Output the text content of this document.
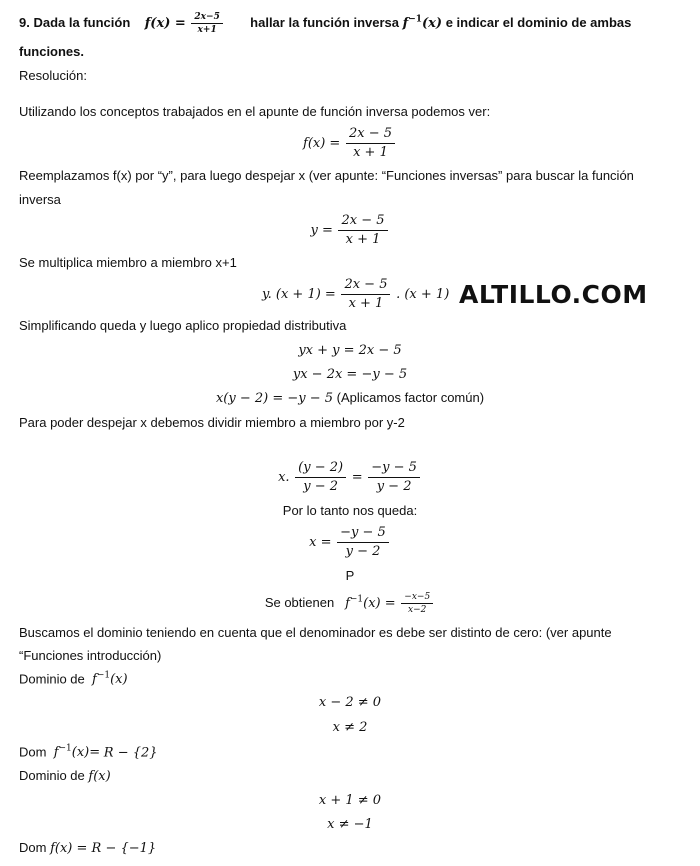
9. Dada la función $f(x) = \frac{2x-5}{x+1}$ hallar la función inversa $f^{-1}(x)$ e indicar el dominio de ambas
funciones.
Resolución:
Utilizando los conceptos trabajados en el apunte de función inversa podemos ver:
$f(x) = \frac{2x - 5}{x + 1}$
Reemplazamos f(x) por “y”, para luego despejar x (ver apunte: “Funciones inversas” para buscar la función
inversa
$y = \frac{2x - 5}{x + 1}$
Se multiplica miembro a miembro x+1
y. $(x + 1) = \frac{2x - 5}{x + 1}$ . (x + 1) ALTILLO.COM
Simplificando queda y luego aplico propiedad distributiva
yx + y = 2x − 5
yx − 2x = −y − 5
x(y − 2) = −y − 5 (Aplicamos factor común)
Para poder despejar x debemos dividir miembro a miembro por y-2
x. $\frac{(y - 2)}{y - 2} = \frac{-y - 5}{y - 2}$
Por lo tanto nos queda:
$x = \frac{-y - 5}{y - 2}$
P
Se obtienen $f^{-1}(x) = \frac{-x-5}{x-2}$
Buscamos el dominio teniendo en cuenta que el denominador es debe ser distinto de cero: (ver apunte
“Funciones introducción)
Dominio de $f^{-1}(x)$
x − 2 ≠ 0
x ≠ 2
Dom $f^{-1}(x)= R - \{2\}$
Dominio de f(x)
x + 1 ≠ 0
x ≠ −1
Dom f(x) = R − {−1}
